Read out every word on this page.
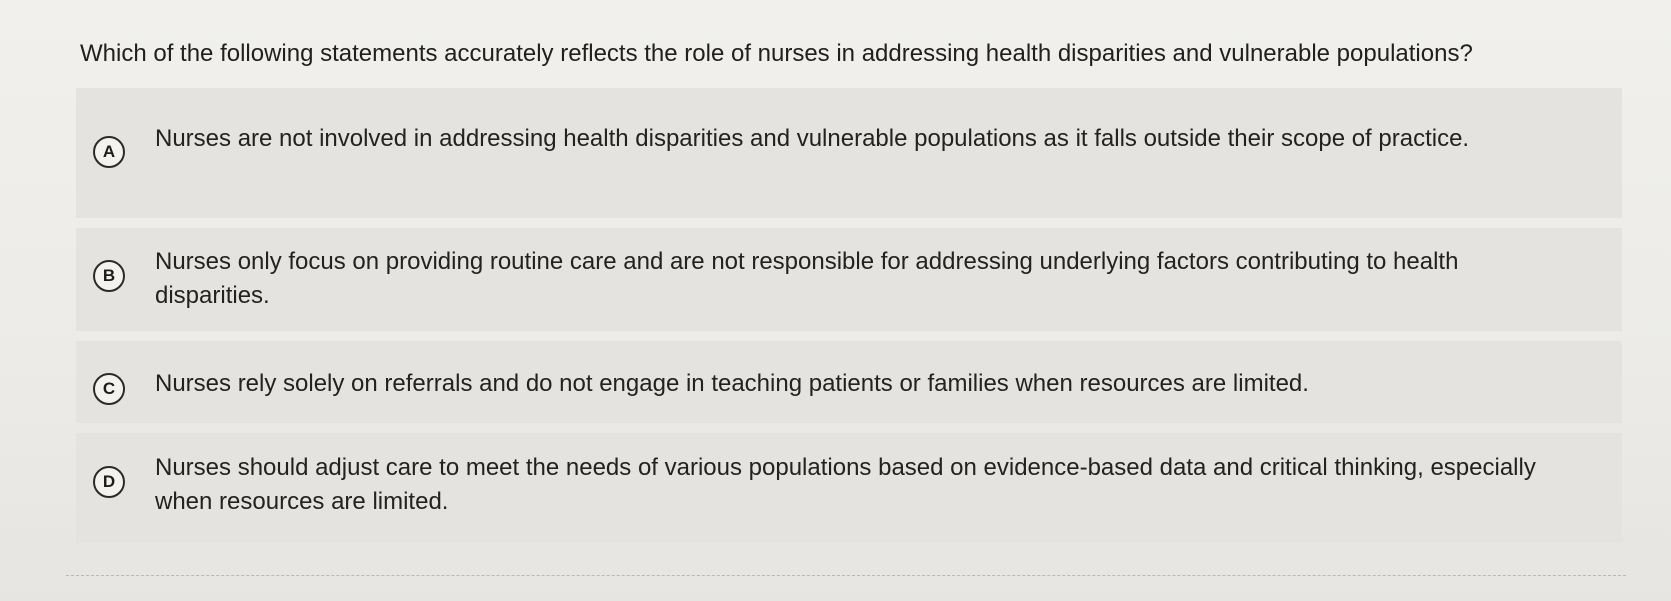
Which of the following statements accurately reflects the role of nurses in addressing health disparities and vulnerable populations?
A	Nurses are not involved in addressing health disparities and vulnerable populations as it falls outside their scope of practice.
B
Nurses only focus on providing routine care and are not responsible for addressing underlying factors contributing to health disparities.
C	Nurses rely solely on referrals and do not engage in teaching patients or families when resources are limited.
D
Nurses should adjust care to meet the needs of various populations based on evidence-based data and critical thinking, especially when resources are limited.
